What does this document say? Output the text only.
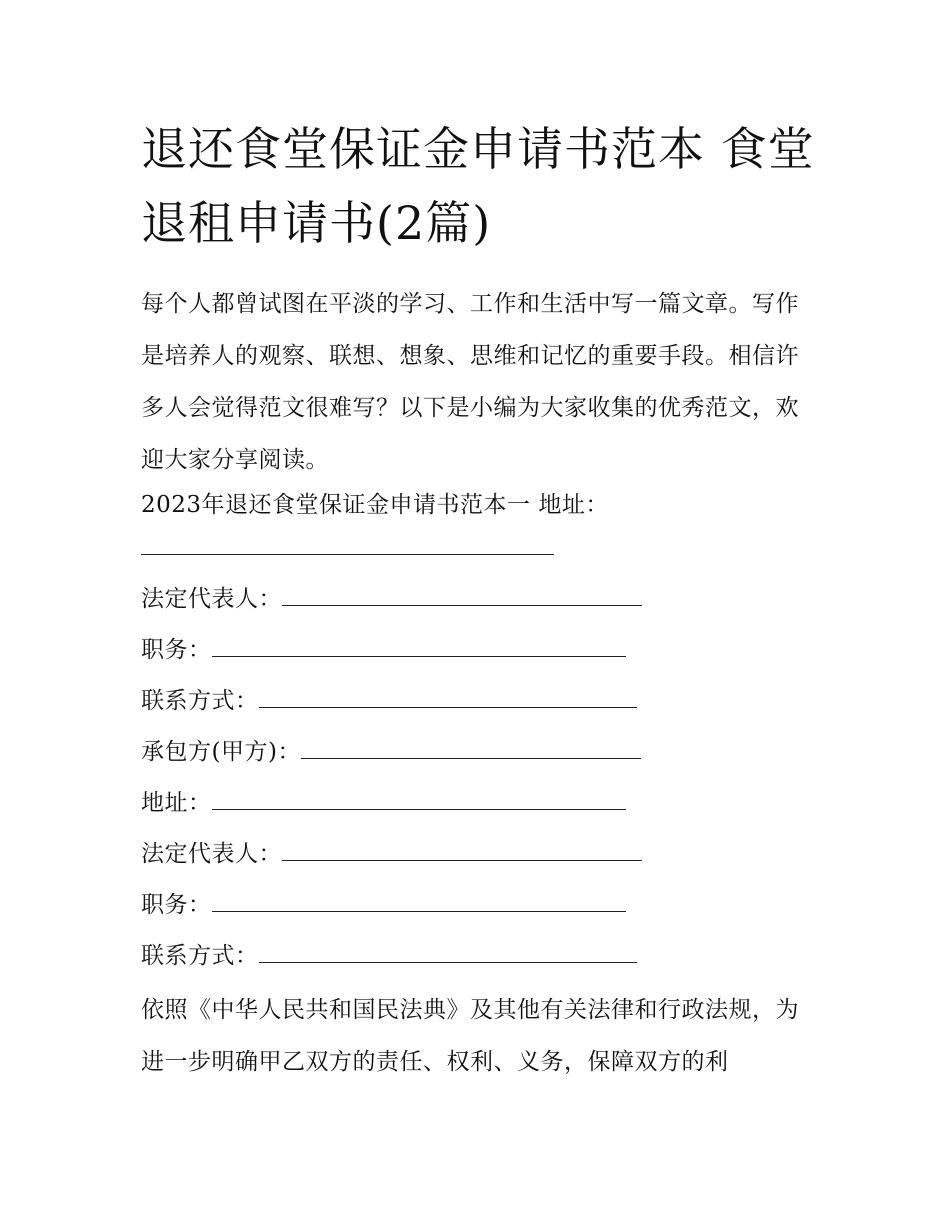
退还食堂保证金申请书范本 食堂退租申请书(2篇)

每个人都曾试图在平淡的学习、工作和生活中写一篇文章。写作是培养人的观察、联想、想象、思维和记忆的重要手段。相信许多人会觉得范文很难写？以下是小编为大家收集的优秀范文，欢迎大家分享阅读。

2023年退还食堂保证金申请书范本一 地址：
法定代表人：
职务：
联系方式：
承包方(甲方)：
地址：
法定代表人：
职务：
联系方式：

依照《中华人民共和国民法典》及其他有关法律和行政法规，为进一步明确甲乙双方的责任、权利、义务，保障双方的利
